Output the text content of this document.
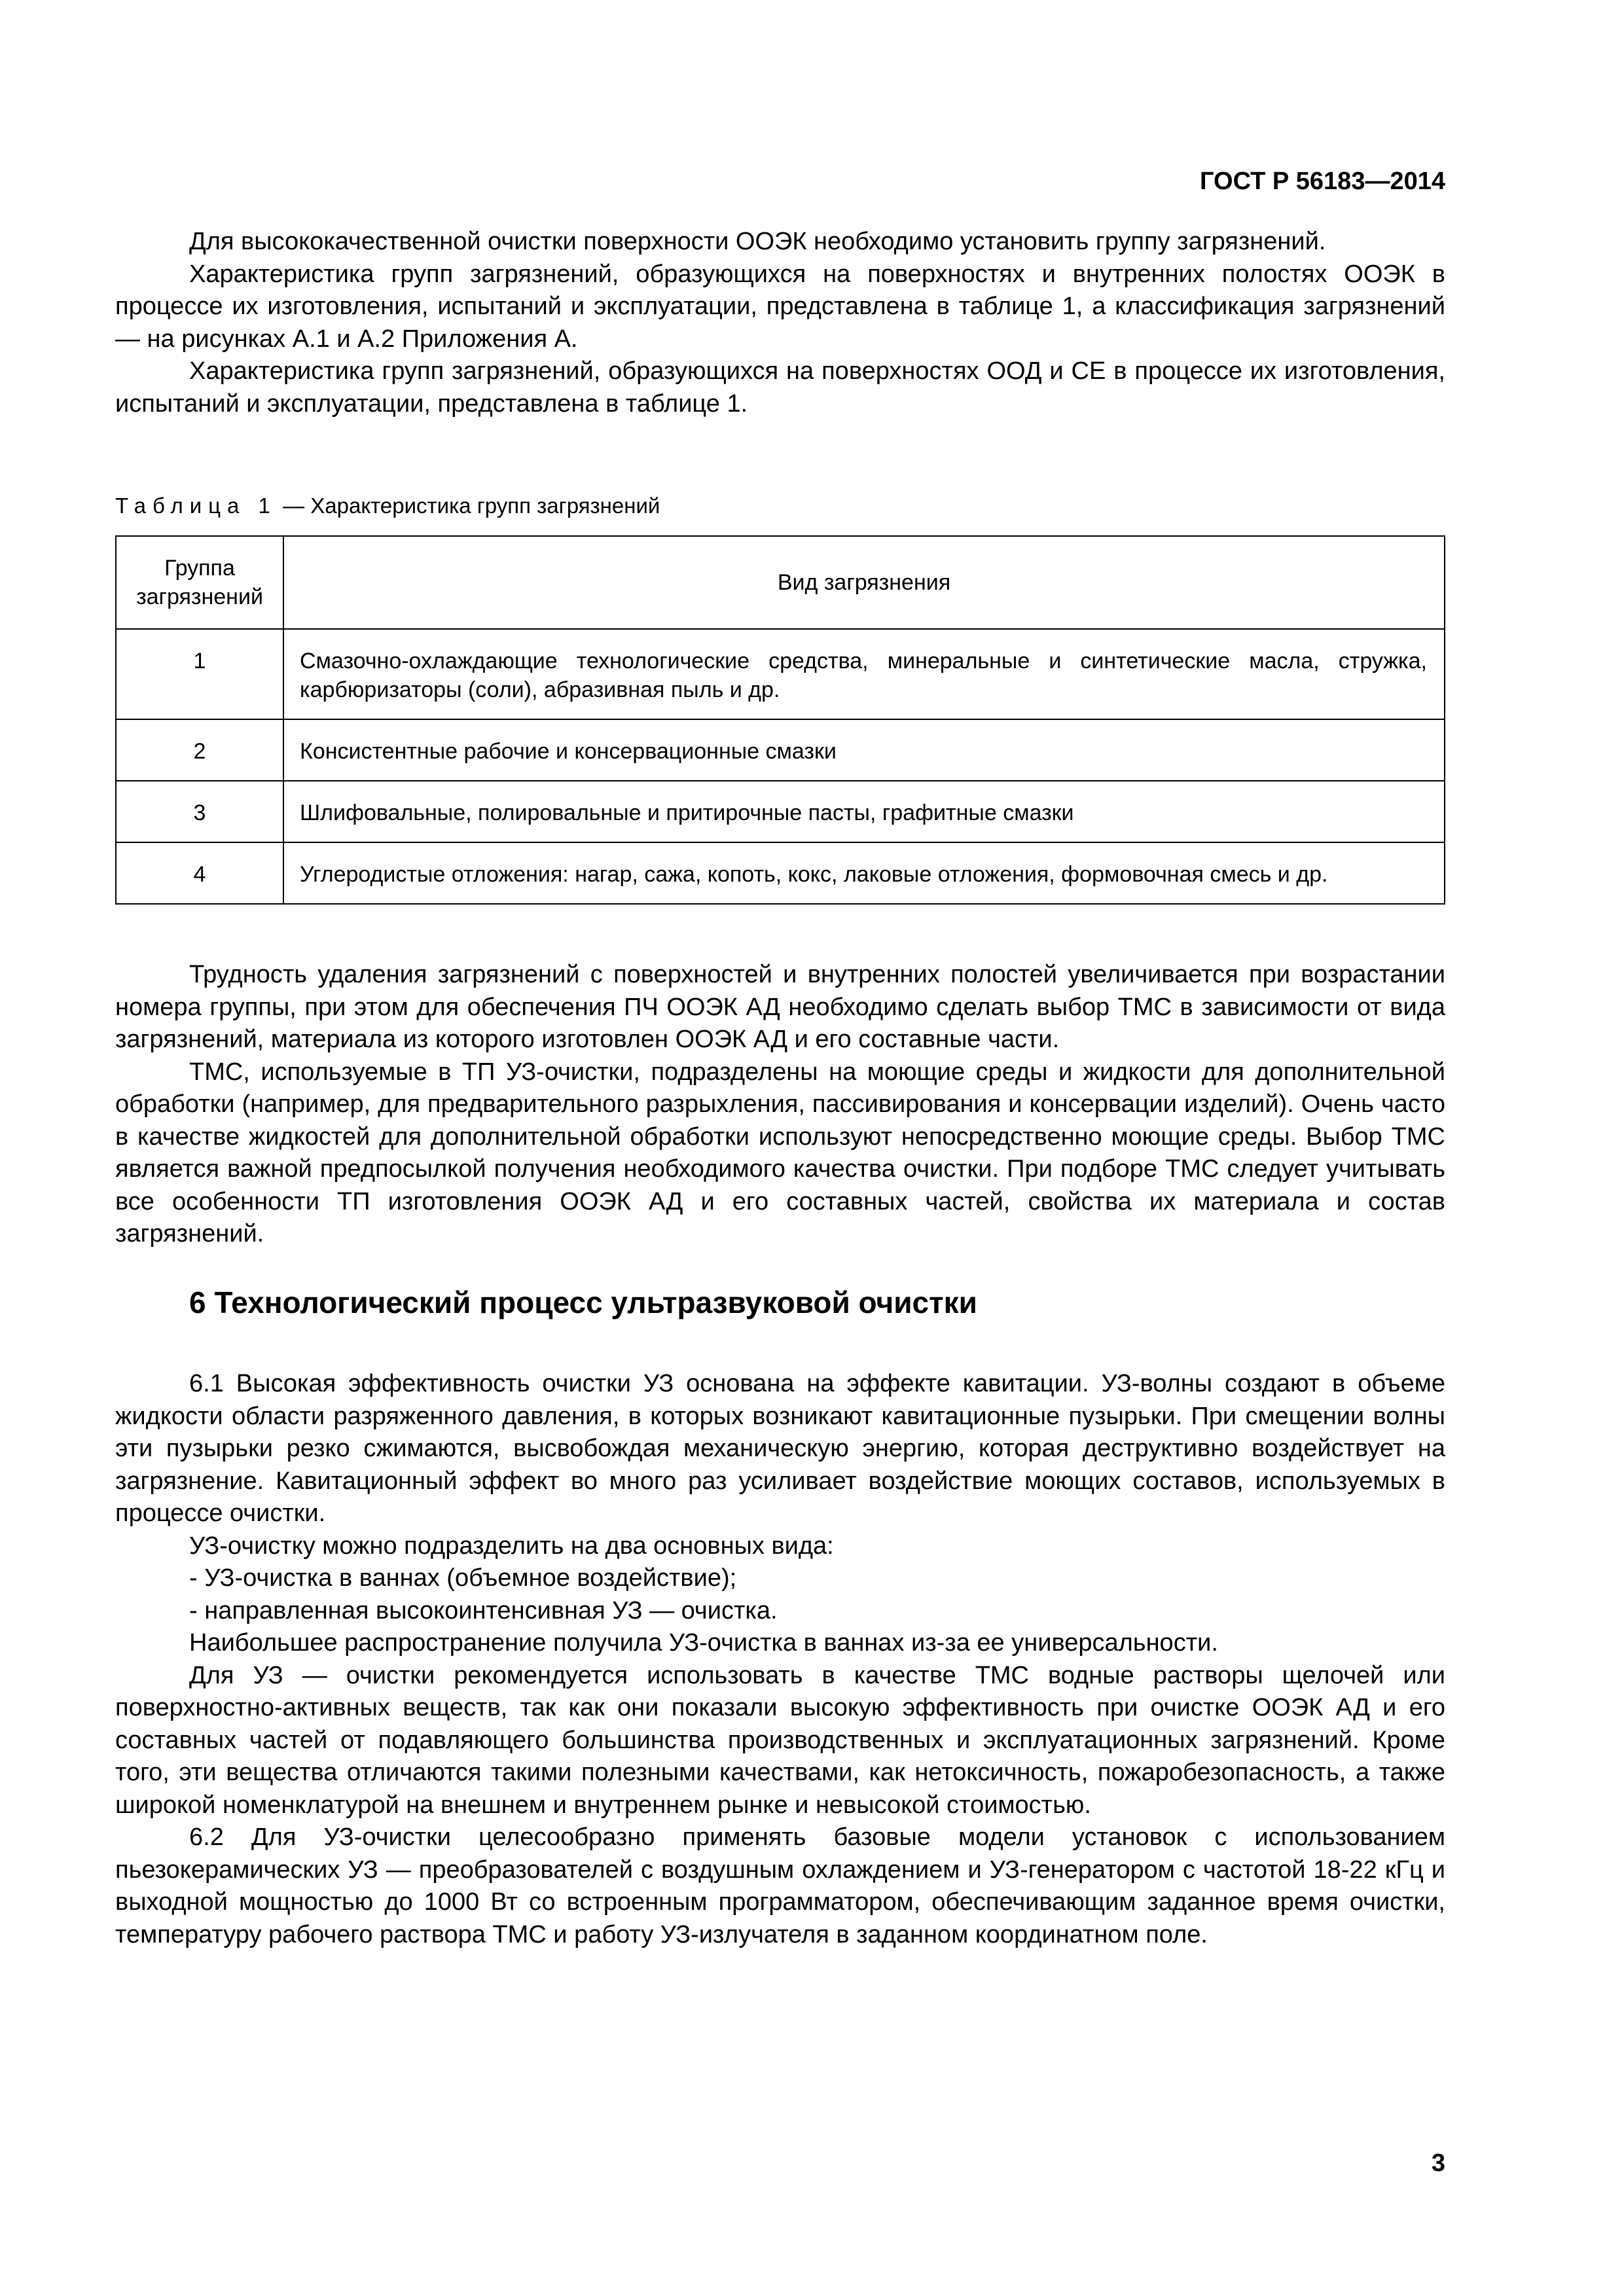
ГОСТ Р 56183—2014

Для высококачественной очистки поверхности ООЭК необходимо установить группу загрязнений.

Характеристика групп загрязнений, образующихся на поверхностях и внутренних полостях ООЭК в процессе их изготовления, испытаний и эксплуатации, представлена в таблице 1, а классификация загрязнений — на рисунках А.1 и А.2 Приложения А.

Характеристика групп загрязнений, образующихся на поверхностях ООД и СЕ в процессе их изготовления, испытаний и эксплуатации, представлена в таблице 1.

Таблица 1 — Характеристика групп загрязнений
Группа загрязнений	Вид загрязнения
1	Смазочно-охлаждающие технологические средства, минеральные и синтетические масла, стружка, карбюризаторы (соли), абразивная пыль и др.
2	Консистентные рабочие и консервационные смазки
3	Шлифовальные, полировальные и притирочные пасты, графитные смазки
4	Углеродистые отложения: нагар, сажа, копоть, кокс, лаковые отложения, формовочная смесь и др.

Трудность удаления загрязнений с поверхностей и внутренних полостей увеличивается при возрастании номера группы, при этом для обеспечения ПЧ ООЭК АД необходимо сделать выбор ТМС в зависимости от вида загрязнений, материала из которого изготовлен ООЭК АД и его составные части.

ТМС, используемые в ТП УЗ-очистки, подразделены на моющие среды и жидкости для дополнительной обработки (например, для предварительного разрыхления, пассивирования и консервации изделий). Очень часто в качестве жидкостей для дополнительной обработки используют непосредственно моющие среды. Выбор ТМС является важной предпосылкой получения необходимого качества очистки. При подборе ТМС следует учитывать все особенности ТП изготовления ООЭК АД и его составных частей, свойства их материала и состав загрязнений.

6 Технологический процесс ультразвуковой очистки

6.1 Высокая эффективность очистки УЗ основана на эффекте кавитации. УЗ-волны создают в объеме жидкости области разряженного давления, в которых возникают кавитационные пузырьки. При смещении волны эти пузырьки резко сжимаются, высвобождая механическую энергию, которая деструктивно воздействует на загрязнение. Кавитационный эффект во много раз усиливает воздействие моющих составов, используемых в процессе очистки.

УЗ-очистку можно подразделить на два основных вида:

- УЗ-очистка в ваннах (объемное воздействие);

- направленная высокоинтенсивная УЗ — очистка.

Наибольшее распространение получила УЗ-очистка в ваннах из-за ее универсальности.

Для УЗ — очистки рекомендуется использовать в качестве ТМС водные растворы щелочей или поверхностно-активных веществ, так как они показали высокую эффективность при очистке ООЭК АД и его составных частей от подавляющего большинства производственных и эксплуатационных загрязнений. Кроме того, эти вещества отличаются такими полезными качествами, как нетоксичность, пожаробезопасность, а также широкой номенклатурой на внешнем и внутреннем рынке и невысокой стоимостью.

6.2 Для УЗ-очистки целесообразно применять базовые модели установок с использованием пьезокерамических УЗ — преобразователей с воздушным охлаждением и УЗ-генератором с частотой 18-22 кГц и выходной мощностью до 1000 Вт со встроенным программатором, обеспечивающим заданное время очистки, температуру рабочего раствора ТМС и работу УЗ-излучателя в заданном координатном поле.

3
